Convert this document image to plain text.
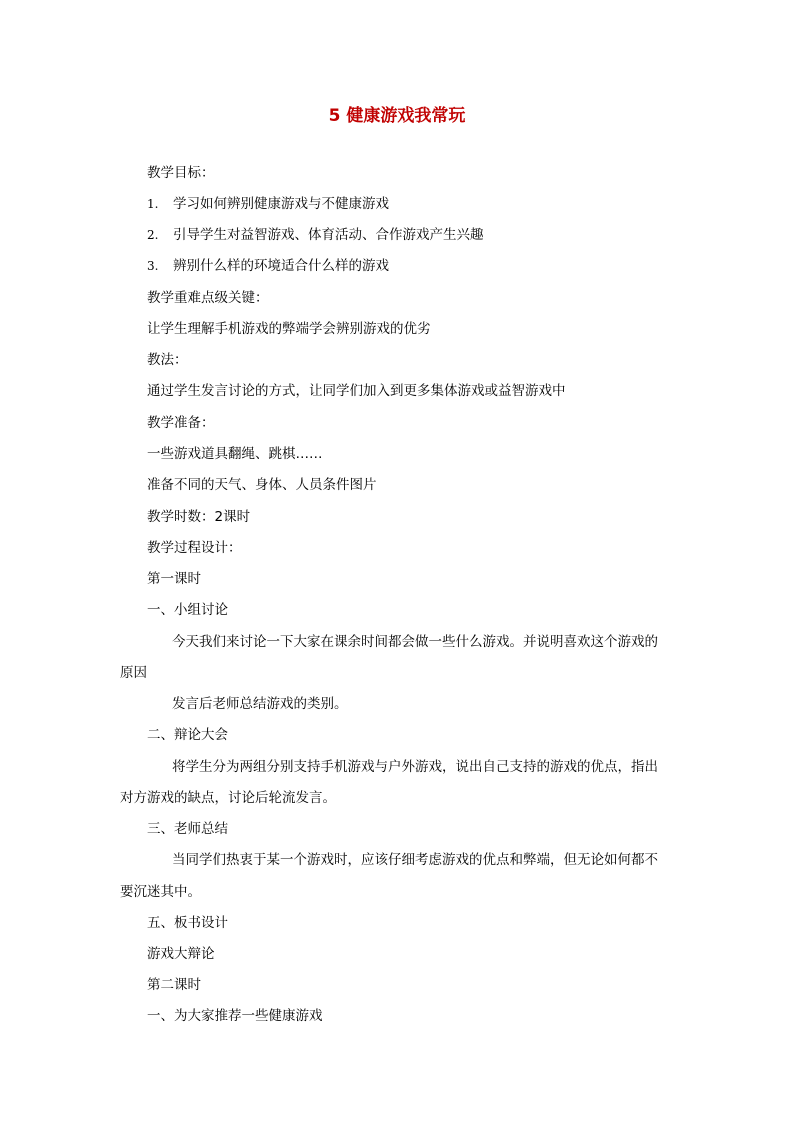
5 健康游戏我常玩
教学目标：
1. 学习如何辨别健康游戏与不健康游戏
2. 引导学生对益智游戏、体育活动、合作游戏产生兴趣
3. 辨别什么样的环境适合什么样的游戏
教学重难点级关键：
让学生理解手机游戏的弊端学会辨别游戏的优劣
教法：
通过学生发言讨论的方式，让同学们加入到更多集体游戏或益智游戏中
教学准备：
一些游戏道具翻绳、跳棋……
准备不同的天气、身体、人员条件图片
教学时数：2课时
教学过程设计：
第一课时
一、小组讨论
今天我们来讨论一下大家在课余时间都会做一些什么游戏。并说明喜欢这个游戏的
原因
发言后老师总结游戏的类别。
二、辩论大会
将学生分为两组分别支持手机游戏与户外游戏，说出自己支持的游戏的优点，指出
对方游戏的缺点，讨论后轮流发言。
三、老师总结
当同学们热衷于某一个游戏时，应该仔细考虑游戏的优点和弊端，但无论如何都不
要沉迷其中。
五、板书设计
游戏大辩论
第二课时
一、为大家推荐一些健康游戏
